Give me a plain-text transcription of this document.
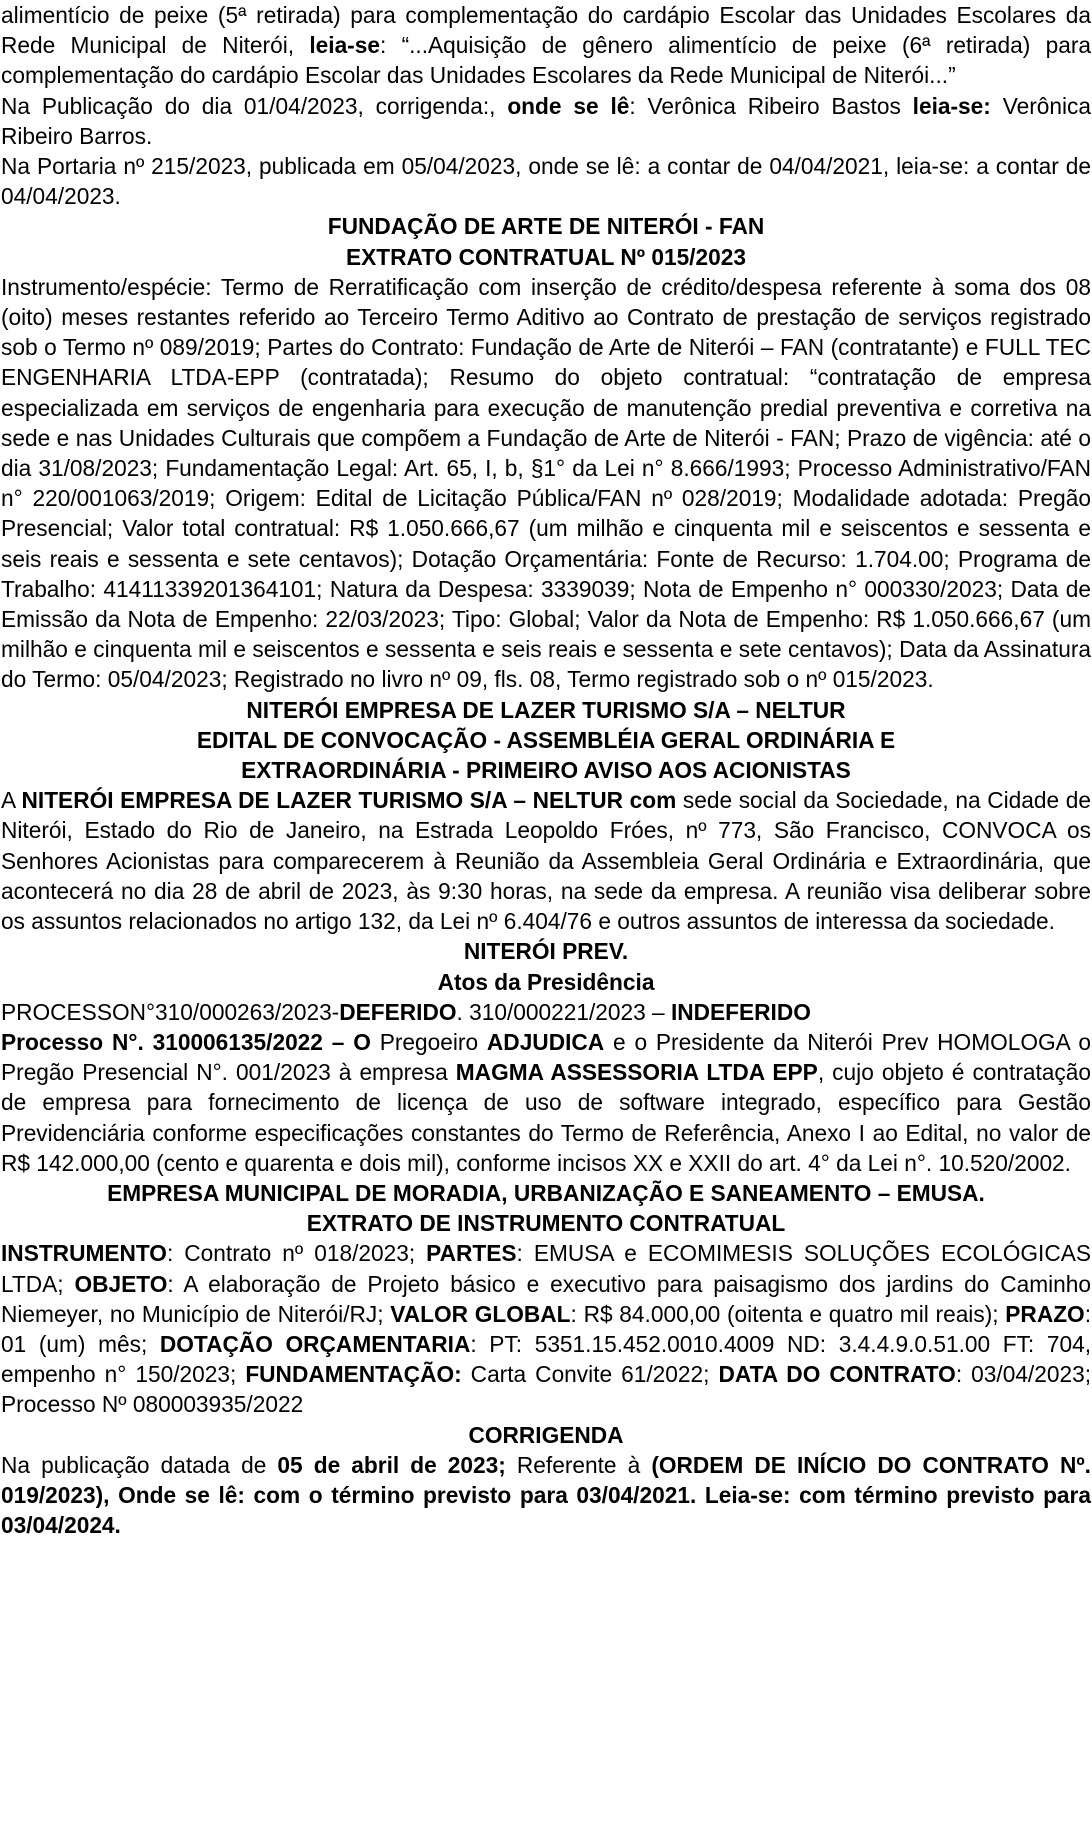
alimentício de peixe (5ª retirada) para complementação do cardápio Escolar das Unidades Escolares da Rede Municipal de Niterói, leia-se: “...Aquisição de gênero alimentício de peixe (6ª retirada) para complementação do cardápio Escolar das Unidades Escolares da Rede Municipal de Niterói...”

Na Publicação do dia 01/04/2023, corrigenda:, onde se lê: Verônica Ribeiro Bastos leia-se: Verônica Ribeiro Barros.

Na Portaria nº 215/2023, publicada em 05/04/2023, onde se lê: a contar de 04/04/2021, leia-se: a contar de 04/04/2023.

FUNDAÇÃO DE ARTE DE NITERÓI - FAN

EXTRATO CONTRATUAL Nº 015/2023

Instrumento/espécie: Termo de Rerratificação com inserção de crédito/despesa referente à soma dos 08 (oito) meses restantes referido ao Terceiro Termo Aditivo ao Contrato de prestação de serviços registrado sob o Termo nº 089/2019; Partes do Contrato: Fundação de Arte de Niterói – FAN (contratante) e FULL TEC ENGENHARIA LTDA-EPP (contratada); Resumo do objeto contratual: “contratação de empresa especializada em serviços de engenharia para execução de manutenção predial preventiva e corretiva na sede e nas Unidades Culturais que compõem a Fundação de Arte de Niterói - FAN; Prazo de vigência: até o dia 31/08/2023; Fundamentação Legal: Art. 65, I, b, §1° da Lei n° 8.666/1993; Processo Administrativo/FAN n° 220/001063/2019; Origem: Edital de Licitação Pública/FAN nº 028/2019; Modalidade adotada: Pregão Presencial; Valor total contratual: R$ 1.050.666,67 (um milhão e cinquenta mil e seiscentos e sessenta e seis reais e sessenta e sete centavos); Dotação Orçamentária: Fonte de Recurso: 1.704.00; Programa de Trabalho: 41411339201364101; Natura da Despesa: 3339039; Nota de Empenho n° 000330/2023; Data de Emissão da Nota de Empenho: 22/03/2023; Tipo: Global; Valor da Nota de Empenho: R$ 1.050.666,67 (um milhão e cinquenta mil e seiscentos e sessenta e seis reais e sessenta e sete centavos); Data da Assinatura do Termo: 05/04/2023; Registrado no livro nº 09, fls. 08, Termo registrado sob o nº 015/2023.

NITERÓI EMPRESA DE LAZER TURISMO S/A – NELTUR

EDITAL DE CONVOCAÇÃO - ASSEMBLÉIA GERAL ORDINÁRIA E

EXTRAORDINÁRIA - PRIMEIRO AVISO AOS ACIONISTAS

A NITERÓI EMPRESA DE LAZER TURISMO S/A – NELTUR com sede social da Sociedade, na Cidade de Niterói, Estado do Rio de Janeiro, na Estrada Leopoldo Fróes, nº 773, São Francisco, CONVOCA os Senhores Acionistas para comparecerem à Reunião da Assembleia Geral Ordinária e Extraordinária, que acontecerá no dia 28 de abril de 2023, às 9:30 horas, na sede da empresa. A reunião visa deliberar sobre os assuntos relacionados no artigo 132, da Lei nº 6.404/76 e outros assuntos de interessa da sociedade.

NITERÓI PREV.

Atos da Presidência

PROCESSON°310/000263/2023-DEFERIDO. 310/000221/2023 – INDEFERIDO

Processo N°. 310006135/2022 – O Pregoeiro ADJUDICA e o Presidente da Niterói Prev HOMOLOGA o Pregão Presencial N°. 001/2023 à empresa MAGMA ASSESSORIA LTDA EPP, cujo objeto é contratação de empresa para fornecimento de licença de uso de software integrado, específico para Gestão Previdenciária conforme especificações constantes do Termo de Referência, Anexo I ao Edital, no valor de R$ 142.000,00 (cento e quarenta e dois mil), conforme incisos XX e XXII do art. 4° da Lei n°. 10.520/2002.

EMPRESA MUNICIPAL DE MORADIA, URBANIZAÇÃO E SANEAMENTO – EMUSA.

EXTRATO DE INSTRUMENTO CONTRATUAL

INSTRUMENTO: Contrato nº 018/2023; PARTES: EMUSA e ECOMIMESIS SOLUÇÕES ECOLÓGICAS LTDA; OBJETO: A elaboração de Projeto básico e executivo para paisagismo dos jardins do Caminho Niemeyer, no Município de Niterói/RJ; VALOR GLOBAL: R$ 84.000,00 (oitenta e quatro mil reais); PRAZO: 01 (um) mês; DOTAÇÃO ORÇAMENTARIA: PT: 5351.15.452.0010.4009 ND: 3.4.4.9.0.51.00 FT: 704, empenho n° 150/2023; FUNDAMENTAÇÃO: Carta Convite 61/2022; DATA DO CONTRATO: 03/04/2023; Processo Nº 080003935/2022

CORRIGENDA

Na publicação datada de 05 de abril de 2023; Referente à (ORDEM DE INÍCIO DO CONTRATO Nº. 019/2023), Onde se lê: com o término previsto para 03/04/2021. Leia-se: com término previsto para 03/04/2024.
